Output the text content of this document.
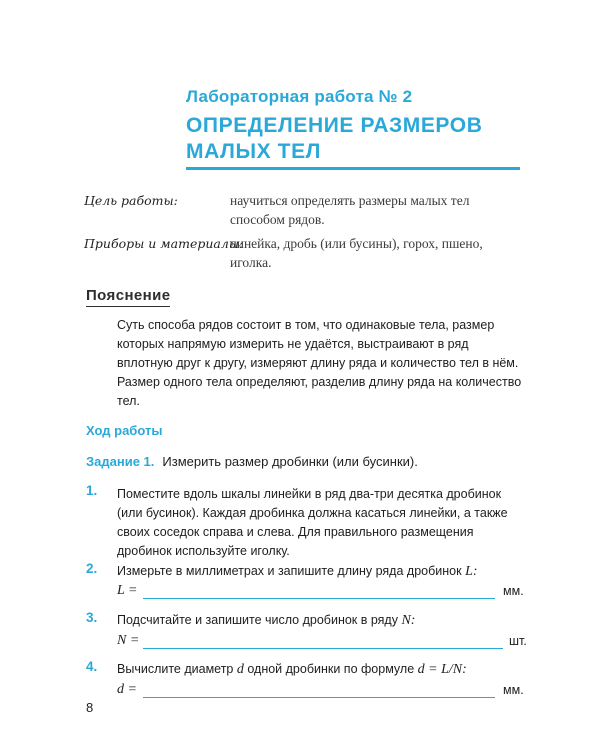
Лабораторная работа № 2
ОПРЕДЕЛЕНИЕ РАЗМЕРОВ
МАЛЫХ ТЕЛ
Цель работы:	научиться определять размеры малых тел способом рядов.
Приборы и материалы:
линейка, дробь (или бусины), горох, пшено, иголка.
Пояснение
Суть способа рядов состоит в том, что одинаковые тела, размер которых напрямую измерить не удаётся, выстраивают в ряд вплотную друг к другу, измеряют длину ряда и количество тел в нём. Размер одного тела определяют, разделив длину ряда на количество тел.
Ход работы
Задание 1. Измерить размер дробинки (или бусинки).
1. Поместите вдоль шкалы линейки в ряд два-три десятка дробинок (или бусинок). Каждая дробинка должна касаться линейки, а также своих соседок справа и слева. Для правильного размещения дробинок используйте иголку.
2. Измерьте в миллиметрах и запишите длину ряда дробинок L:
L =	мм.
3. Подсчитайте и запишите число дробинок в ряду N:
N =	шт.
4. Вычислите диаметр d одной дробинки по формуле d = L/N:
d =	мм.
8
